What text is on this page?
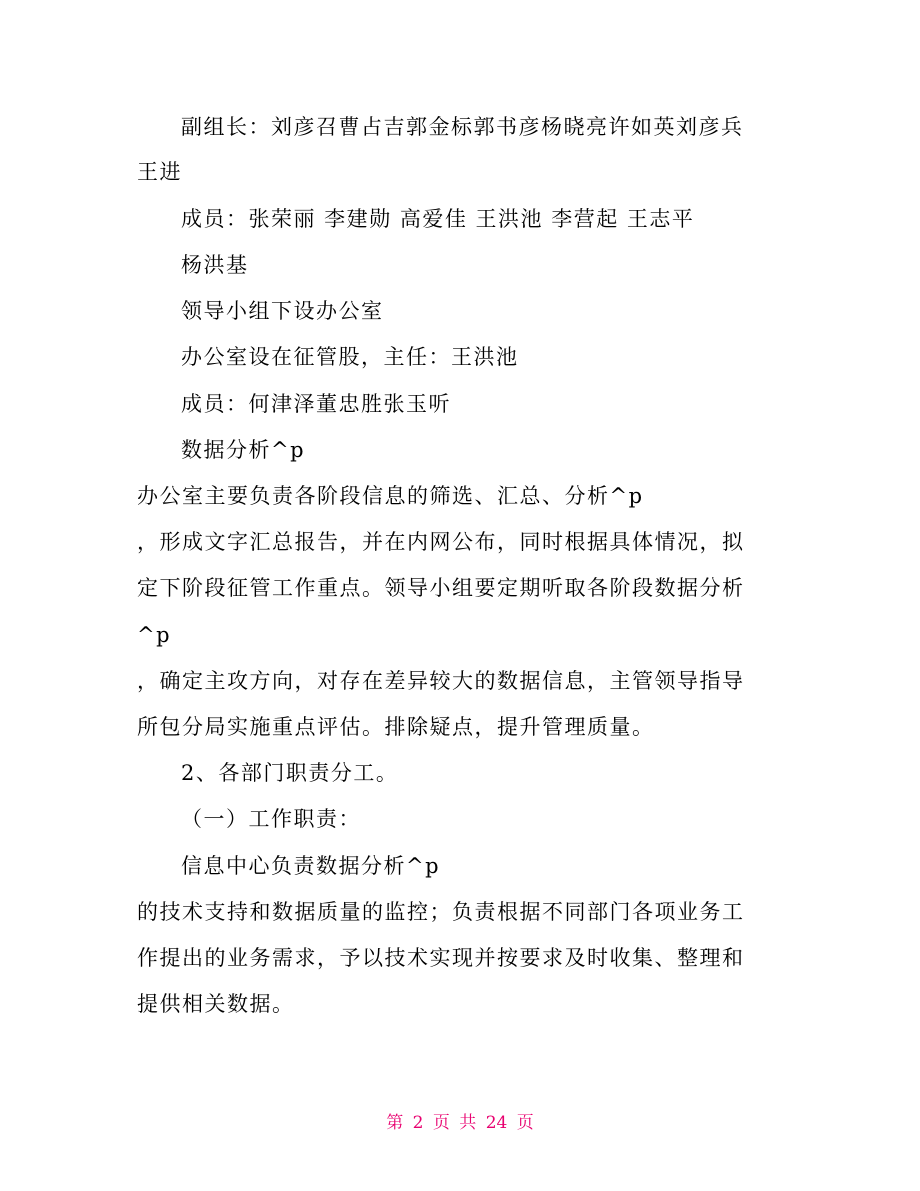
副组长：刘彦召曹占吉郭金标郭书彦杨晓亮许如英刘彦兵
王进
成员：张荣丽 李建勋 高爱佳 王洪池 李营起 王志平
杨洪基
领导小组下设办公室
办公室设在征管股，主任：王洪池
成员：何津泽董忠胜张玉听
数据分析^p
办公室主要负责各阶段信息的筛选、汇总、分析^p
，形成文字汇总报告，并在内网公布，同时根据具体情况，拟
定下阶段征管工作重点。领导小组要定期听取各阶段数据分析
^p
，确定主攻方向，对存在差异较大的数据信息，主管领导指导
所包分局实施重点评估。排除疑点，提升管理质量。
2、各部门职责分工。
（一）工作职责：
信息中心负责数据分析^p
的技术支持和数据质量的监控；负责根据不同部门各项业务工
作提出的业务需求，予以技术实现并按要求及时收集、整理和
提供相关数据。
第 2 页 共 24 页
